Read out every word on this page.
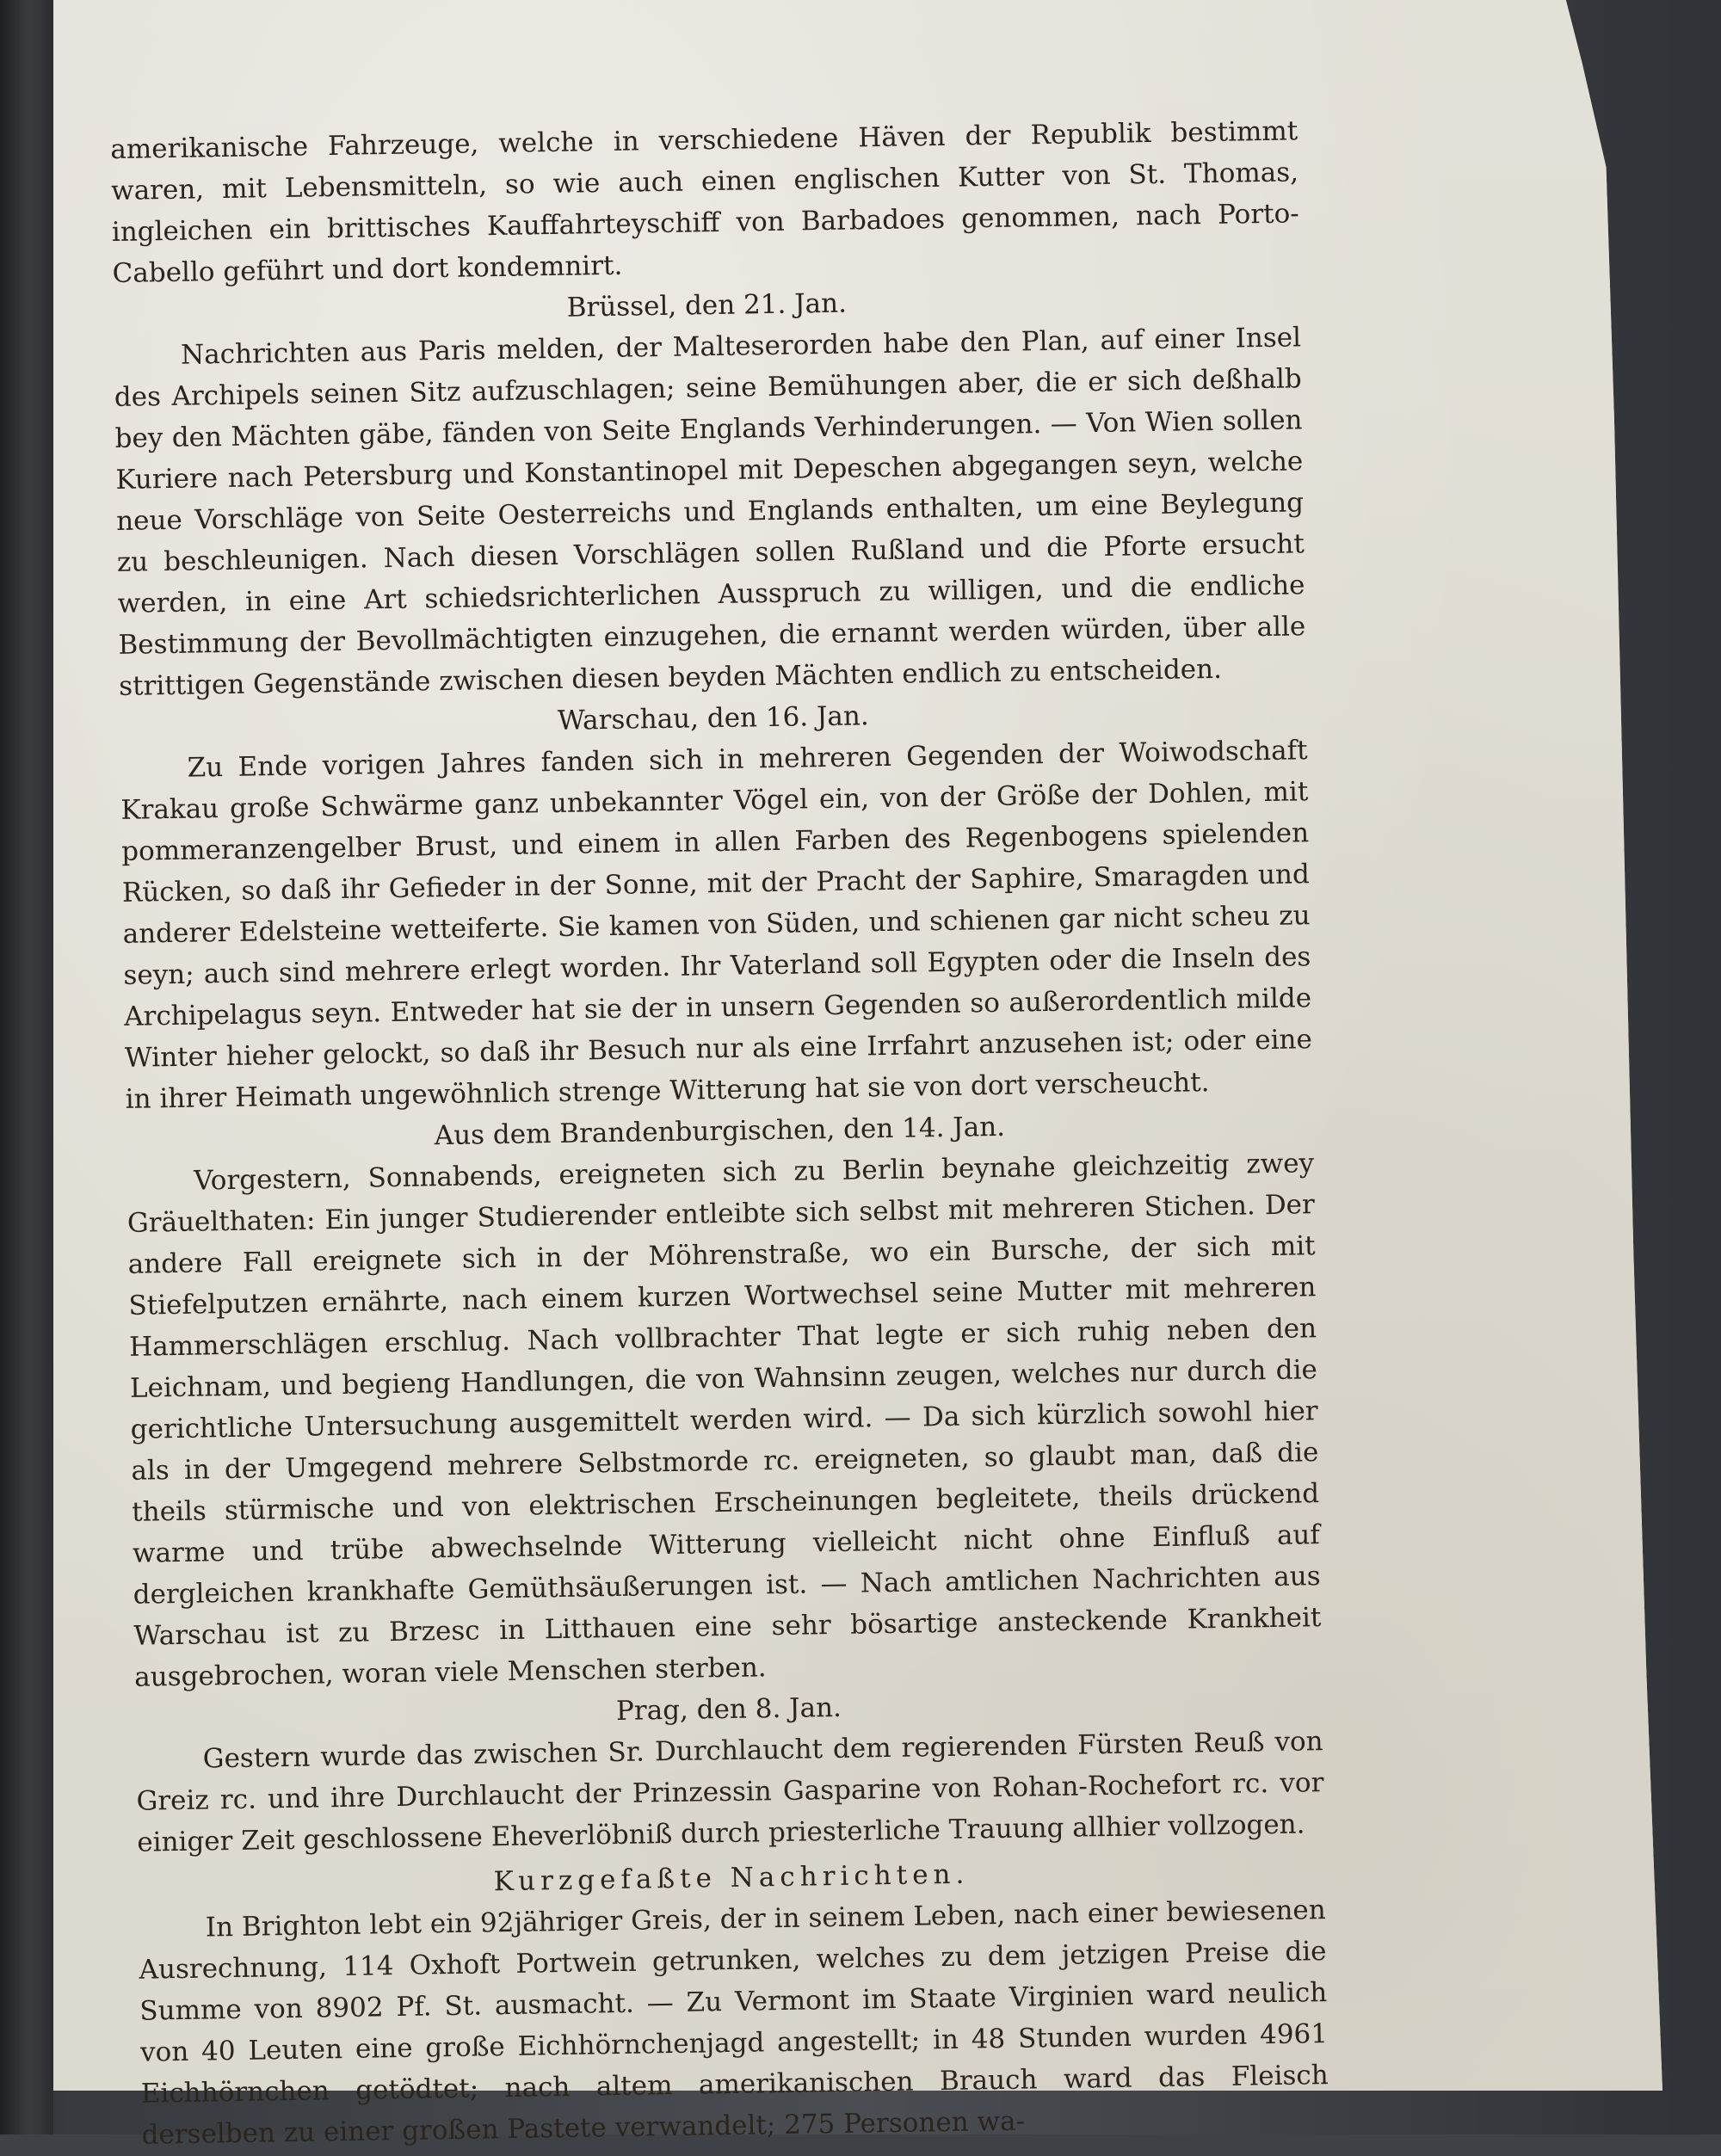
amerikanische Fahrzeuge, welche in verschiedene Häven der Republik bestimmt waren, mit Lebensmitteln, so wie auch einen englischen Kutter von St. Thomas, ingleichen ein brittisches Kauffahrteyschiff von Barbadoes genommen, nach Porto-Cabello geführt und dort kondemnirt.

Brüssel, den 21. Jan.

Nachrichten aus Paris melden, der Malteserorden habe den Plan, auf einer Insel des Archipels seinen Sitz aufzuschlagen; seine Bemühungen aber, die er sich deßhalb bey den Mächten gäbe, fänden von Seite Englands Verhinderungen. — Von Wien sollen Kuriere nach Petersburg und Konstantinopel mit Depeschen abgegangen seyn, welche neue Vorschläge von Seite Oesterreichs und Englands enthalten, um eine Beylegung zu beschleunigen. Nach diesen Vorschlägen sollen Rußland und die Pforte ersucht werden, in eine Art schiedsrichterlichen Ausspruch zu willigen, und die endliche Bestimmung der Bevollmächtigten einzugehen, die ernannt werden würden, über alle strittigen Gegenstände zwischen diesen beyden Mächten endlich zu entscheiden.

Warschau, den 16. Jan.

Zu Ende vorigen Jahres fanden sich in mehreren Gegenden der Woiwodschaft Krakau große Schwärme ganz unbekannter Vögel ein, von der Größe der Dohlen, mit pommeranzengelber Brust, und einem in allen Farben des Regenbogens spielenden Rücken, so daß ihr Gefieder in der Sonne, mit der Pracht der Saphire, Smaragden und anderer Edelsteine wetteiferte. Sie kamen von Süden, und schienen gar nicht scheu zu seyn; auch sind mehrere erlegt worden. Ihr Vaterland soll Egypten oder die Inseln des Archipelagus seyn. Entweder hat sie der in unsern Gegenden so außerordentlich milde Winter hieher gelockt, so daß ihr Besuch nur als eine Irrfahrt anzusehen ist; oder eine in ihrer Heimath ungewöhnlich strenge Witterung hat sie von dort verscheucht.

Aus dem Brandenburgischen, den 14. Jan.

Vorgestern, Sonnabends, ereigneten sich zu Berlin beynahe gleichzeitig zwey Gräuelthaten: Ein junger Studierender entleibte sich selbst mit mehreren Stichen. Der andere Fall ereignete sich in der Möhrenstraße, wo ein Bursche, der sich mit Stiefelputzen ernährte, nach einem kurzen Wortwechsel seine Mutter mit mehreren Hammerschlägen erschlug. Nach vollbrachter That legte er sich ruhig neben den Leichnam, und begieng Handlungen, die von Wahnsinn zeugen, welches nur durch die gerichtliche Untersuchung ausgemittelt werden wird. — Da sich kürzlich sowohl hier als in der Umgegend mehrere Selbstmorde rc. ereigneten, so glaubt man, daß die theils stürmische und von elektrischen Erscheinungen begleitete, theils drückend warme und trübe abwechselnde Witterung vielleicht nicht ohne Einfluß auf dergleichen krankhafte Gemüthsäußerungen ist. — Nach amtlichen Nachrichten aus Warschau ist zu Brzesc in Litthauen eine sehr bösartige ansteckende Krankheit ausgebrochen, woran viele Menschen sterben.

Prag, den 8. Jan.

Gestern wurde das zwischen Sr. Durchlaucht dem regierenden Fürsten Reuß von Greiz rc. und ihre Durchlaucht der Prinzessin Gasparine von Rohan-Rochefort rc. vor einiger Zeit geschlossene Eheverlöbniß durch priesterliche Trauung allhier vollzogen.

Kurzgefaßte Nachrichten.

In Brighton lebt ein 92jähriger Greis, der in seinem Leben, nach einer bewiesenen Ausrechnung, 114 Oxhoft Portwein getrunken, welches zu dem jetzigen Preise die Summe von 8902 Pf. St. ausmacht. — Zu Vermont im Staate Virginien ward neulich von 40 Leuten eine große Eichhörnchenjagd angestellt; in 48 Stunden wurden 4961 Eichhörnchen getödtet; nach altem amerikanischen Brauch ward das Fleisch derselben zu einer großen Pastete verwandelt; 275 Personen wa-
